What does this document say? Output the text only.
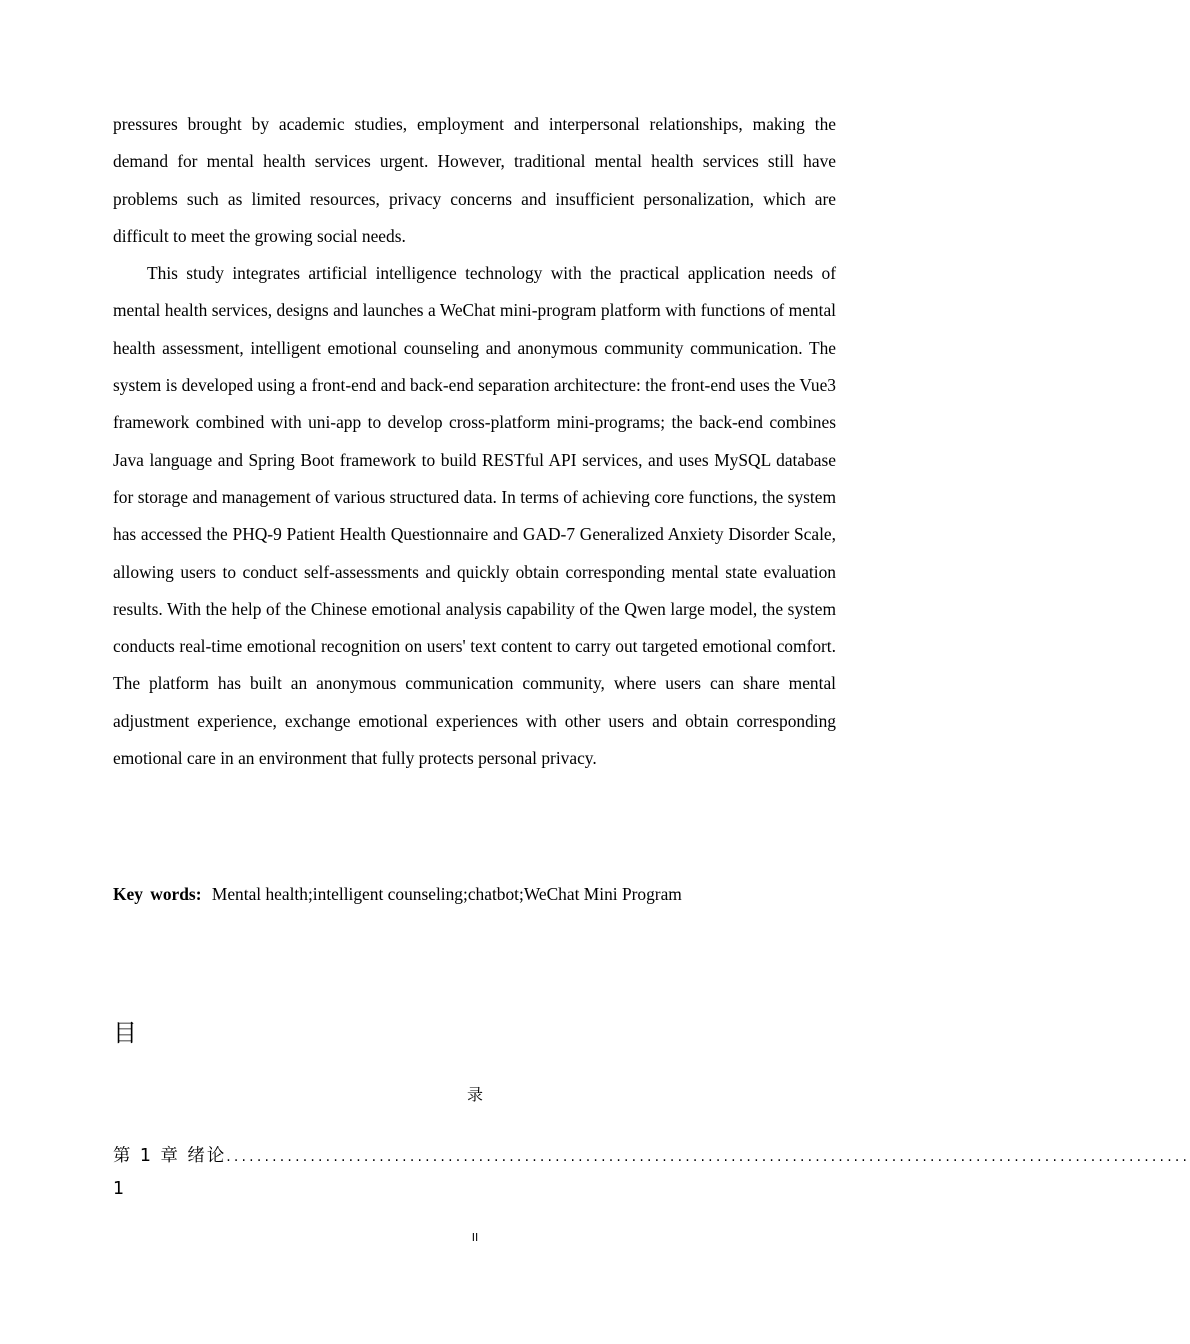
pressures brought by academic studies, employment and interpersonal relationships, making the demand for mental health services urgent. However, traditional mental health services still have problems such as limited resources, privacy concerns and insufficient personalization, which are difficult to meet the growing social needs.

This study integrates artificial intelligence technology with the practical application needs of mental health services, designs and launches a WeChat mini-program platform with functions of mental health assessment, intelligent emotional counseling and anonymous community communication. The system is developed using a front-end and back-end separation architecture: the front-end uses the Vue3 framework combined with uni-app to develop cross-platform mini-programs; the back-end combines Java language and Spring Boot framework to build RESTful API services, and uses MySQL database for storage and management of various structured data. In terms of achieving core functions, the system has accessed the PHQ-9 Patient Health Questionnaire and GAD-7 Generalized Anxiety Disorder Scale, allowing users to conduct self-assessments and quickly obtain corresponding mental state evaluation results. With the help of the Chinese emotional analysis capability of the Qwen large model, the system conducts real-time emotional recognition on users' text content to carry out targeted emotional comfort. The platform has built an anonymous communication community, where users can share mental adjustment experience, exchange emotional experiences with other users and obtain corresponding emotional care in an environment that fully protects personal privacy.

Key words: Mental health;intelligent counseling;chatbot;WeChat Mini Program
目
录
第 1 章 绪论 ..............................................................................................................................
1
II
